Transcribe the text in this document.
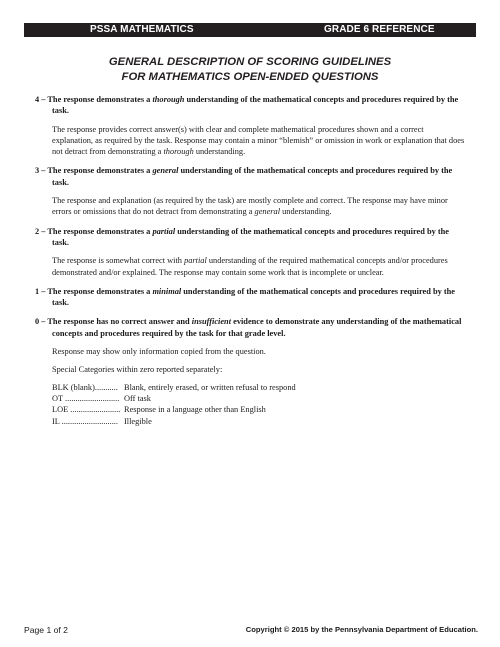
PSSA MATHEMATICS	GRADE 6 REFERENCE
GENERAL DESCRIPTION OF SCORING GUIDELINES
FOR MATHEMATICS OPEN-ENDED QUESTIONS

4 – The response demonstrates a thorough understanding of the mathematical concepts and procedures required by the task.

The response provides correct answer(s) with clear and complete mathematical procedures shown and a correct explanation, as required by the task. Response may contain a minor “blemish” or omission in work or explanation that does not detract from demonstrating a thorough understanding.

3 – The response demonstrates a general understanding of the mathematical concepts and procedures required by the task.

The response and explanation (as required by the task) are mostly complete and correct. The response may have minor errors or omissions that do not detract from demonstrating a general understanding.

2 – The response demonstrates a partial understanding of the mathematical concepts and procedures required by the task.

The response is somewhat correct with partial understanding of the required mathematical concepts and/or procedures demonstrated and/or explained. The response may contain some work that is incomplete or unclear.

1 – The response demonstrates a minimal understanding of the mathematical concepts and procedures required by the task.

0 – The response has no correct answer and insufficient evidence to demonstrate any understanding of the mathematical concepts and procedures required by the task for that grade level.

Response may show only information copied from the question.

Special Categories within zero reported separately:

BLK (blank)........... Blank, entirely erased, or written refusal to respond
OT .......................... Off task
LOE ........................ Response in a language other than English
IL ........................... Illegible
Page 1 of 2	Copyright © 2015 by the Pennsylvania Department of Education.
